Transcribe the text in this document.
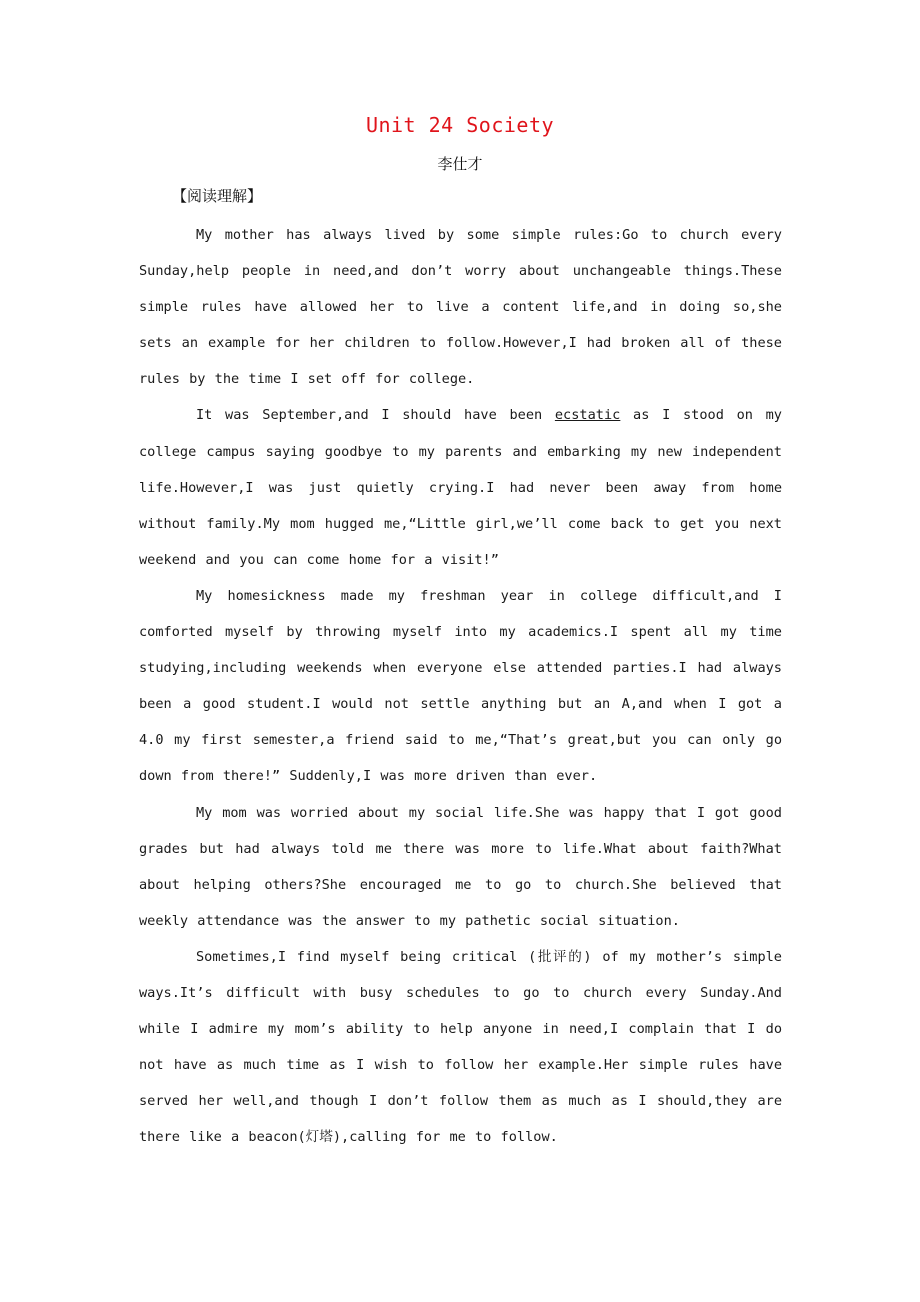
Unit 24 Society
李仕才
【阅读理解】

My mother has always lived by some simple rules:Go to church every Sunday,help people in need,and don’t worry about unchangeable things.These simple rules have allowed her to live a content life,and in doing so,she sets an example for her children to follow.However,I had broken all of these rules by the time I set off for college.

It was September,and I should have been ecstatic as I stood on my college campus saying goodbye to my parents and embarking my new independent life.However,I was just quietly crying.I had never been away from home without family.My mom hugged me,“Little girl,we’ll come back to get you next weekend and you can come home for a visit!”

My homesickness made my freshman year in college difficult,and I comforted myself by throwing myself into my academics.I spent all my time studying,including weekends when everyone else attended parties.I had always been a good student.I would not settle anything but an A,and when I got a 4.0 my first semester,a friend said to me,“That’s great,but you can only go down from there!” Suddenly,I was more driven than ever.

My mom was worried about my social life.She was happy that I got good grades but had always told me there was more to life.What about faith?What about helping others?She encouraged me to go to church.She believed that weekly attendance was the answer to my pathetic social situation.

Sometimes,I find myself being critical (批评的) of my mother’s simple ways.It’s difficult with busy schedules to go to church every Sunday.And while I admire my mom’s ability to help anyone in need,I complain that I do not have as much time as I wish to follow her example.Her simple rules have served her well,and though I don’t follow them as much as I should,they are there like a beacon(灯塔),calling for me to follow.
